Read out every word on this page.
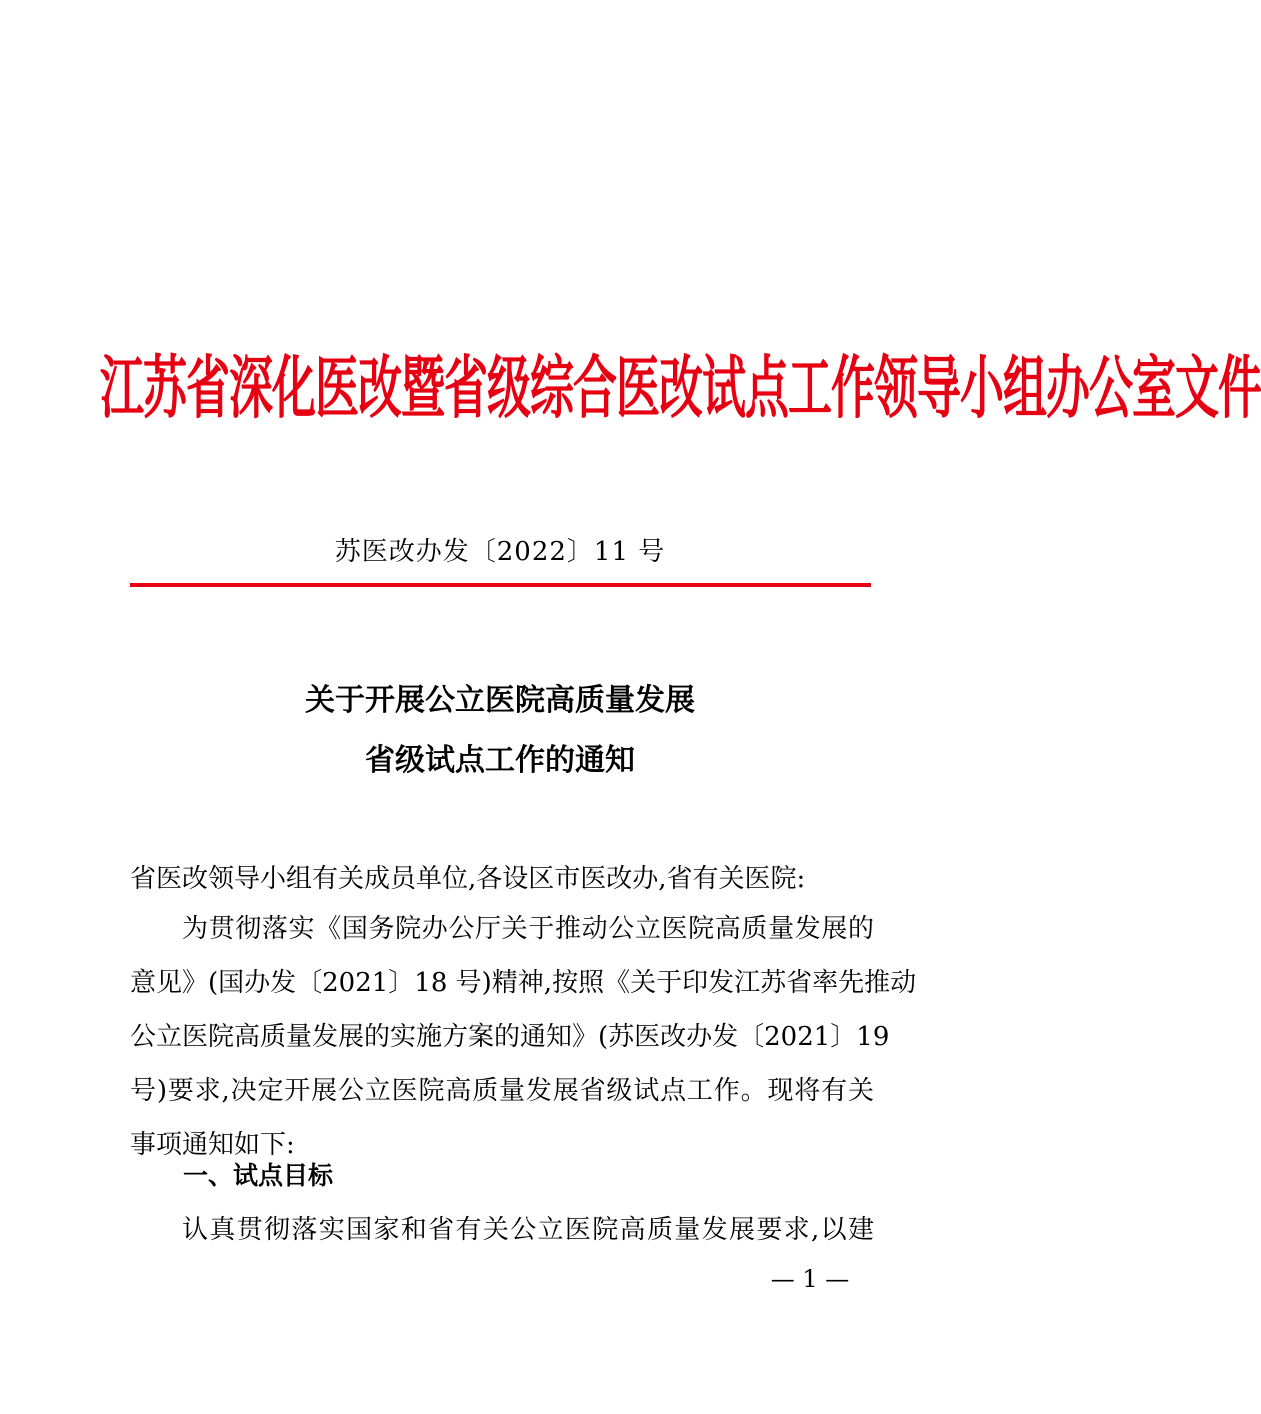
江苏省深化医改暨省级综合医改试点工作领导小组办公室文件
苏医改办发〔2022〕11 号
关于开展公立医院高质量发展
省级试点工作的通知
省医改领导小组有关成员单位,各设区市医改办,省有关医院:
为贯彻落实《国务院办公厅关于推动公立医院高质量发展的
意见》(国办发〔2021〕18 号)精神,按照《关于印发江苏省率先推动
公立医院高质量发展的实施方案的通知》(苏医改办发〔2021〕19
号)要求,决定开展公立医院高质量发展省级试点工作。现将有关
事项通知如下:
一、试点目标
认真贯彻落实国家和省有关公立医院高质量发展要求,以建
— 1 —
